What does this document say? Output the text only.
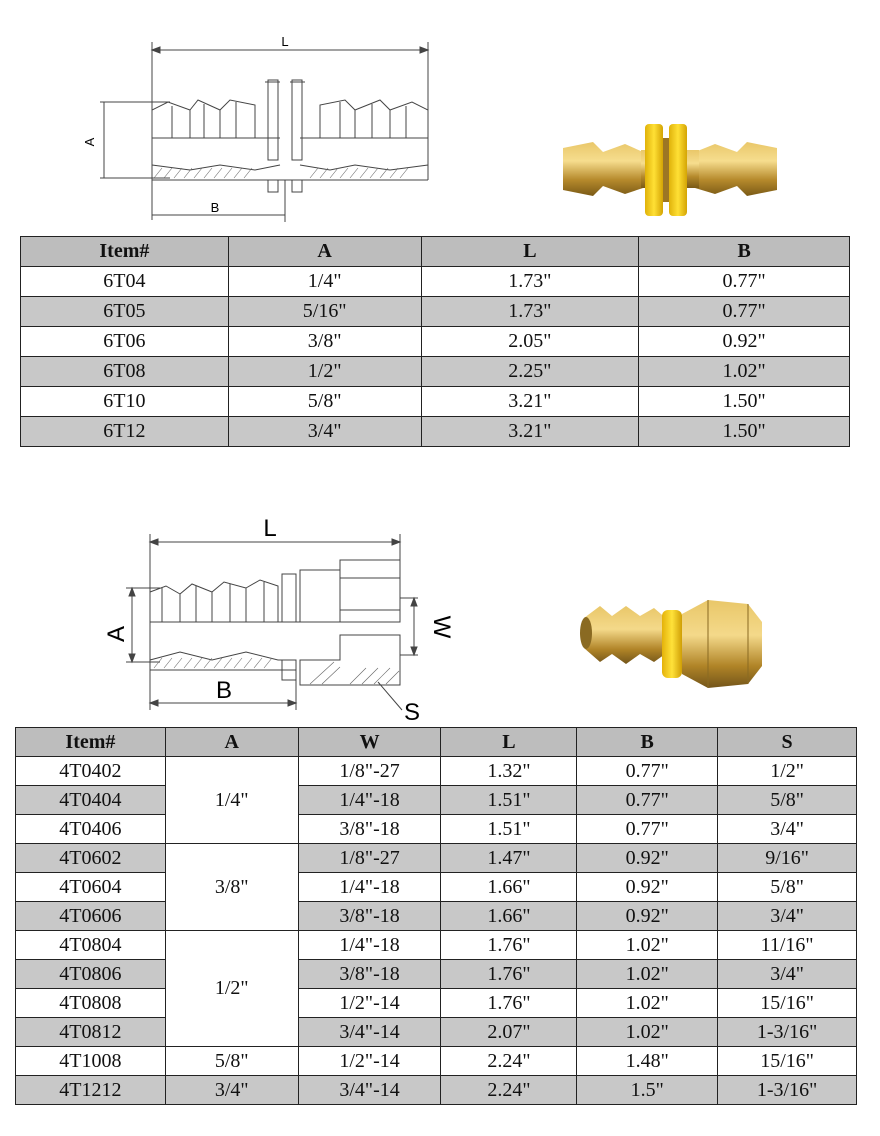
L
A
B
Item#	A	L	B
6T04	1/4"	1.73"	0.77"
6T05	5/16"	1.73"	0.77"
6T06	3/8"	2.05"	0.92"
6T08	1/2"	2.25"	1.02"
6T10	5/8"	3.21"	1.50"
6T12	3/4"	3.21"	1.50"
L
A
B
W
S
Item#	A	W	L	B	S
4T0402	1/4"	1/8"-27	1.32"	0.77"	1/2"
4T0404		1/4"-18	1.51"	0.77"	5/8"
4T0406		3/8"-18	1.51"	0.77"	3/4"
4T0602	3/8"	1/8"-27	1.47"	0.92"	9/16"
4T0604		1/4"-18	1.66"	0.92"	5/8"
4T0606		3/8"-18	1.66"	0.92"	3/4"
4T0804	1/2"	1/4"-18	1.76"	1.02"	11/16"
4T0806		3/8"-18	1.76"	1.02"	3/4"
4T0808		1/2"-14	1.76"	1.02"	15/16"
4T0812		3/4"-14	2.07"	1.02"	1-3/16"
4T1008	5/8"	1/2"-14	2.24"	1.48"	15/16"
4T1212	3/4"	3/4"-14	2.24"	1.5"	1-3/16"
